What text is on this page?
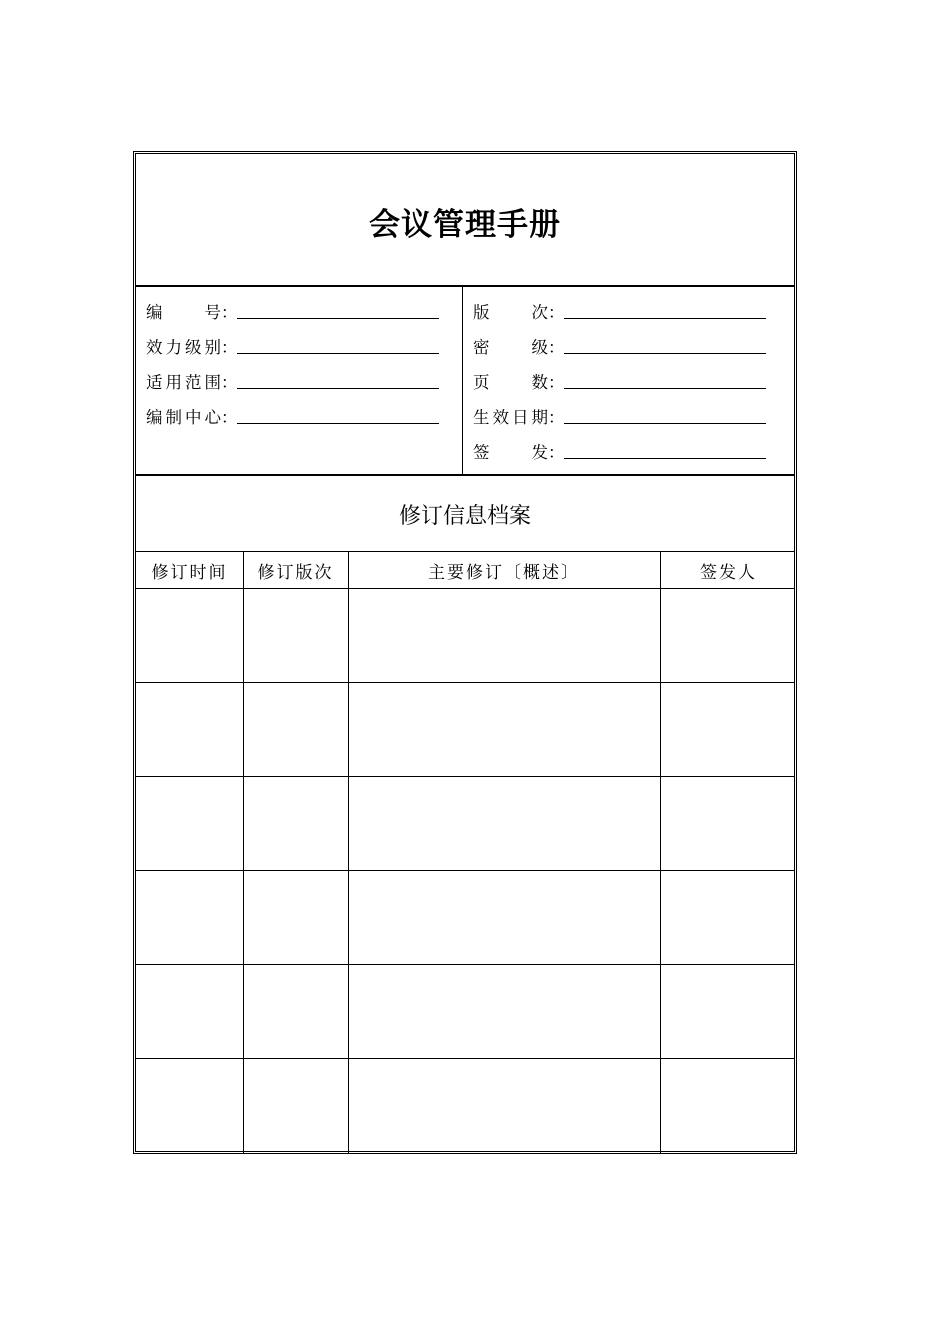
会议管理手册
编	号 ：
效 力 级 别 ：
适 用 范 围 ：
编 制 中 心 ：
版	次 ：
密	级 ：
页	数 ：
生 效 日 期 ：
签	发 ：
修订信息档案
修订时间	修订版次	主要修订〔概述〕	签发人
